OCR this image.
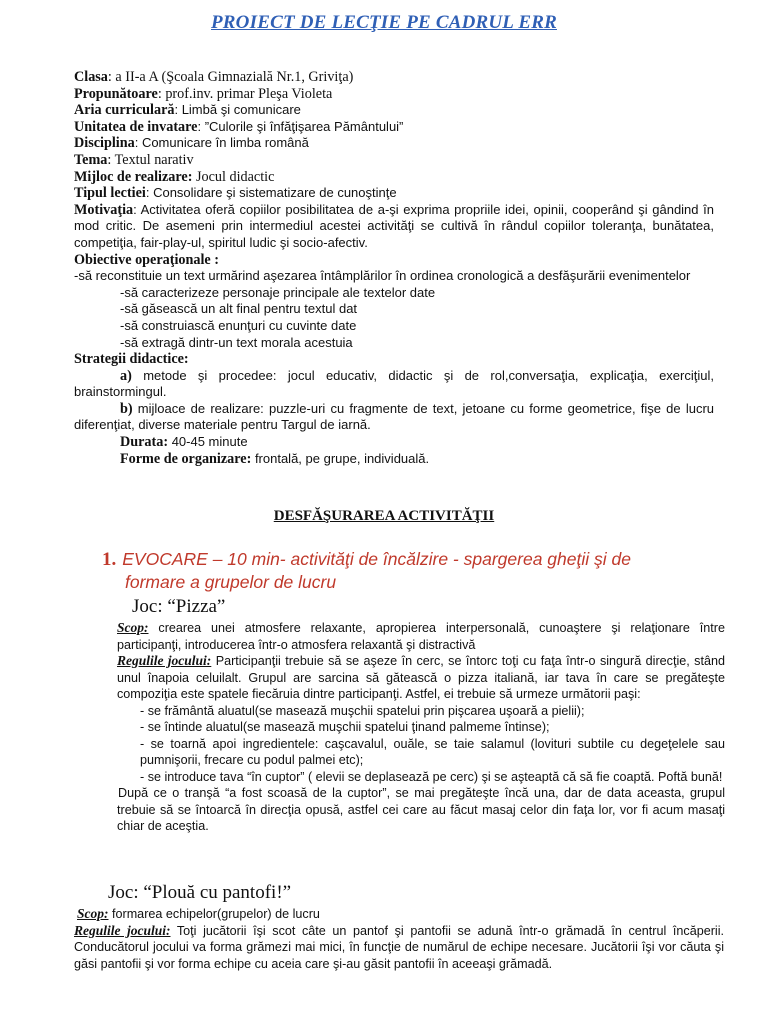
PROIECT DE LECŢIE PE CADRUL ERR
Clasa: a II-a A (Şcoala Gimnazială Nr.1, Griviţa)
Propunătoare: prof.inv. primar Pleşa Violeta
Aria curriculară: Limbă şi comunicare
Unitatea de invatare: ”Culorile şi înfăţişarea Pământului”
Disciplina: Comunicare în limba română
Tema: Textul narativ
Mijloc de realizare: Jocul didactic
Tipul lectiei: Consolidare şi sistematizare de cunoştinţe
Motivaţia: Activitatea oferă copiilor posibilitatea de a-şi exprima propriile idei, opinii, cooperând şi gândind în mod critic. De asemeni prin intermediul acestei activităţi se cultivă în rândul copiilor toleranţa, bunătatea, competiţia, fair-play-ul, spiritul ludic şi socio-afectiv.
Obiective operaţionale :
-să reconstituie un text urmărind aşezarea întâmplărilor în ordinea cronologică a desfăşurării evenimentelor
-să caracterizeze personaje principale ale textelor date
-să găsească un alt final pentru textul dat
-să construiască enunţuri cu cuvinte date
-să extragă dintr-un text morala acestuia
Strategii didactice:
a) metode şi procedee: jocul educativ, didactic şi de rol,conversaţia, explicaţia, exerciţiul, brainstormingul.
b) mijloace de realizare: puzzle-uri cu fragmente de text, jetoane cu forme geometrice, fişe de lucru diferenţiat, diverse materiale pentru Targul de iarnă.
Durata: 40-45 minute
Forme de organizare: frontală, pe grupe, individuală.
DESFĂŞURAREA ACTIVITĂŢII
1. EVOCARE – 10 min- activităţi de încălzire - spargerea gheţii şi de
formare a grupelor de lucru
Joc: “Pizza”
Scop: crearea unei atmosfere relaxante, apropierea interpersonală, cunoaştere şi relaţionare între participanţi, introducerea într-o atmosfera relaxantă şi distractivă
Regulile jocului: Participanţii trebuie să se aşeze în cerc, se întorc toţi cu faţa într-o singură direcţie, stând unul înapoia celuilalt. Grupul are sarcina să gătească o pizza italiană, iar tava în care se pregăteşte compoziţia este spatele fiecăruia dintre participanţi. Astfel, ei trebuie să urmeze următorii paşi:
- se frământă aluatul(se masează muşchii spatelui prin pişcarea uşoară a pielii);
- se întinde aluatul(se masează muşchii spatelui ţinand palmeme întinse);
- se toarnă apoi ingredientele: caşcavalul, ouăle, se taie salamul (lovituri subtile cu degeţelele sau pumnişorii, frecare cu podul palmei etc);
- se introduce tava “în cuptor” ( elevii se deplasează pe cerc) şi se aşteaptă că să fie coaptă. Poftă bună!
După ce o tranşă “a fost scoasă de la cuptor”, se mai pregăteşte încă una, dar de data aceasta, grupul trebuie să se întoarcă în direcţia opusă, astfel cei care au făcut masaj celor din faţa lor, vor fi acum masaţi chiar de aceştia.
Joc: “Plouă cu pantofi!”
Scop: formarea echipelor(grupelor) de lucru
Regulile jocului: Toţi jucătorii îşi scot câte un pantof şi pantofii se adună într-o grămadă în centrul încăperii. Conducătorul jocului va forma grămezi mai mici, în funcţie de numărul de echipe necesare. Jucătorii îşi vor căuta şi găsi pantofii şi vor forma echipe cu aceia care şi-au găsit pantofii în aceeaşi grămadă.
